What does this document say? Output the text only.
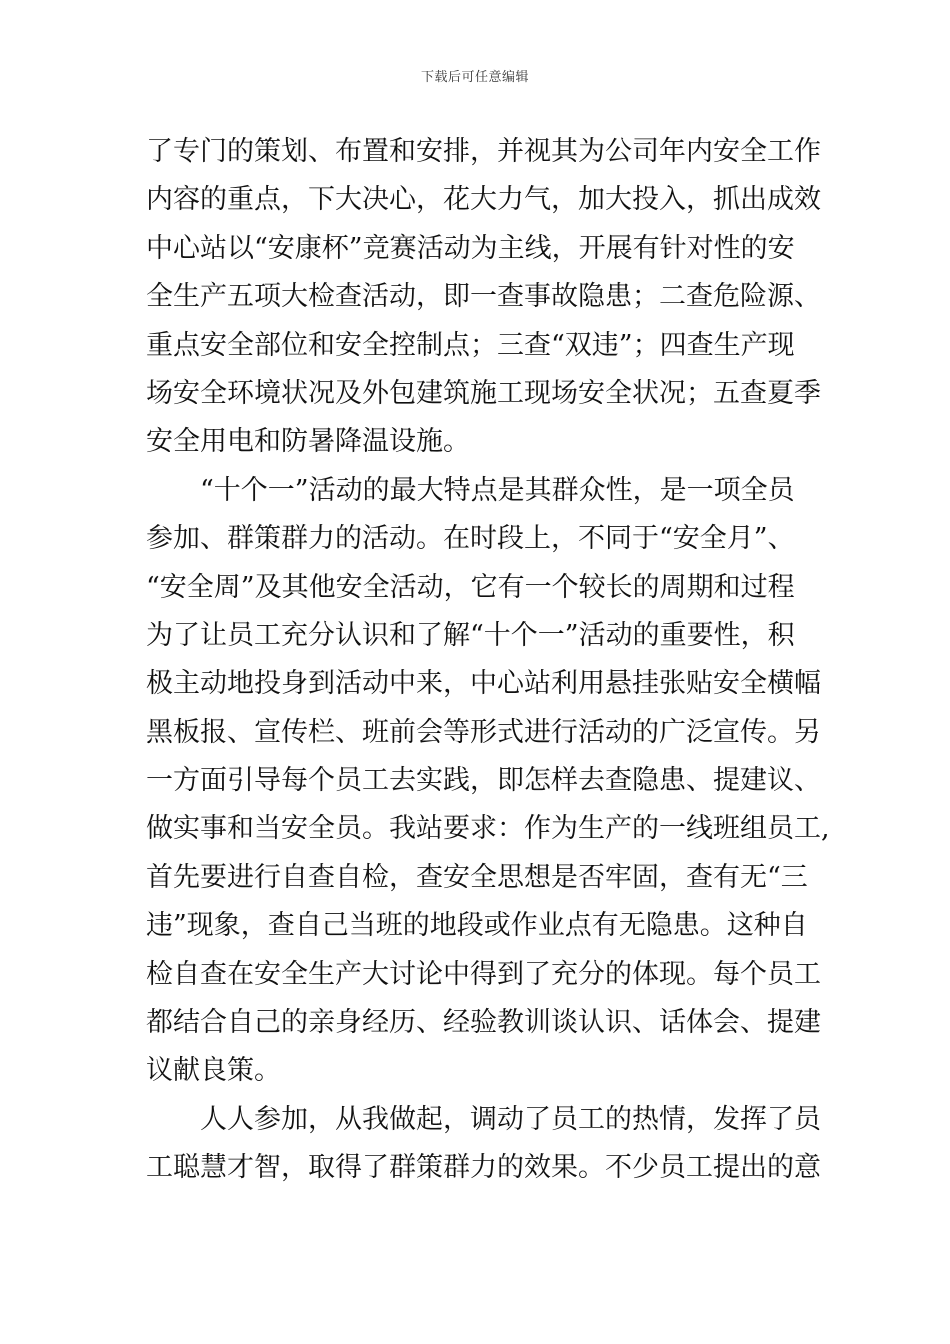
下载后可任意编辑
了专门的策划、布置和安排，并视其为公司年内安全工作
内容的重点，下大决心，花大力气，加大投入，抓出成效
中心站以“安康杯”竞赛活动为主线，开展有针对性的安
全生产五项大检查活动，即一查事故隐患；二查危险源、
重点安全部位和安全控制点；三查“双违”；四查生产现
场安全环境状况及外包建筑施工现场安全状况；五查夏季
安全用电和防暑降温设施。
“十个一”活动的最大特点是其群众性，是一项全员
参加、群策群力的活动。在时段上，不同于“安全月”、
“安全周”及其他安全活动，它有一个较长的周期和过程
为了让员工充分认识和了解“十个一”活动的重要性，积
极主动地投身到活动中来，中心站利用悬挂张贴安全横幅
黑板报、宣传栏、班前会等形式进行活动的广泛宣传。另
一方面引导每个员工去实践，即怎样去查隐患、提建议、
做实事和当安全员。我站要求：作为生产的一线班组员工,
首先要进行自查自检，查安全思想是否牢固，查有无“三
违”现象，查自己当班的地段或作业点有无隐患。这种自
检自查在安全生产大讨论中得到了充分的体现。每个员工
都结合自己的亲身经历、经验教训谈认识、话体会、提建
议献良策。
人人参加，从我做起，调动了员工的热情，发挥了员
工聪慧才智，取得了群策群力的效果。不少员工提出的意
